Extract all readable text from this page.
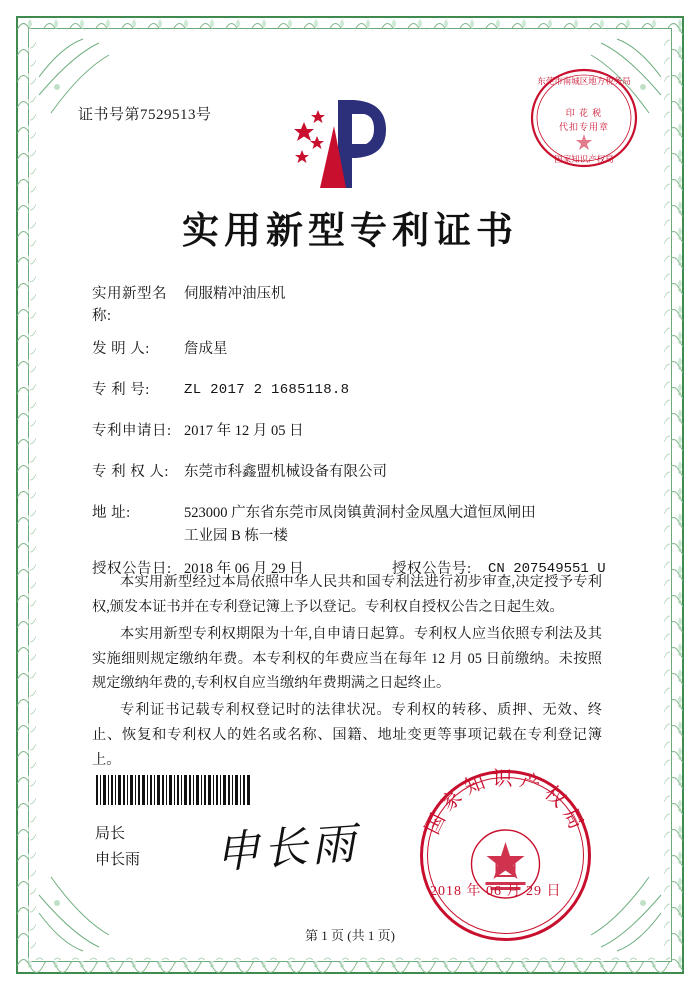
证书号第7529513号
东莞市南城区地方税务局
国家知识产权局
印 花 税
代扣专用章
实用新型专利证书
实用新型名称:伺服精冲油压机
发 明 人: 詹成星
专 利 号: ZL 2017 2 1685118.8
专利申请日: 2017 年 12 月 05 日
专 利 权 人: 东莞市科鑫盟机械设备有限公司
地 址:	523000 广东省东莞市凤岗镇黄洞村金凤凰大道恒凤闸田
工业园 B 栋一楼
授权公告日: 2018 年 06 月 29 日	授权公告号: CN 207549551 U

本实用新型经过本局依照中华人民共和国专利法进行初步审查,决定授予专利权,颁发本证书并在专利登记簿上予以登记。专利权自授权公告之日起生效。

本实用新型专利权期限为十年,自申请日起算。专利权人应当依照专利法及其实施细则规定缴纳年费。本专利权的年费应当在每年 12 月 05 日前缴纳。未按照规定缴纳年费的,专利权自应当缴纳年费期满之日起终止。

专利证书记载专利权登记时的法律状况。专利权的转移、质押、无效、终止、恢复和专利权人的姓名或名称、国籍、地址变更等事项记载在专利登记簿上。

局长
申长雨 申长雨	国家知识产权局
2018 年 06 月 29 日
第 1 页 (共 1 页)
